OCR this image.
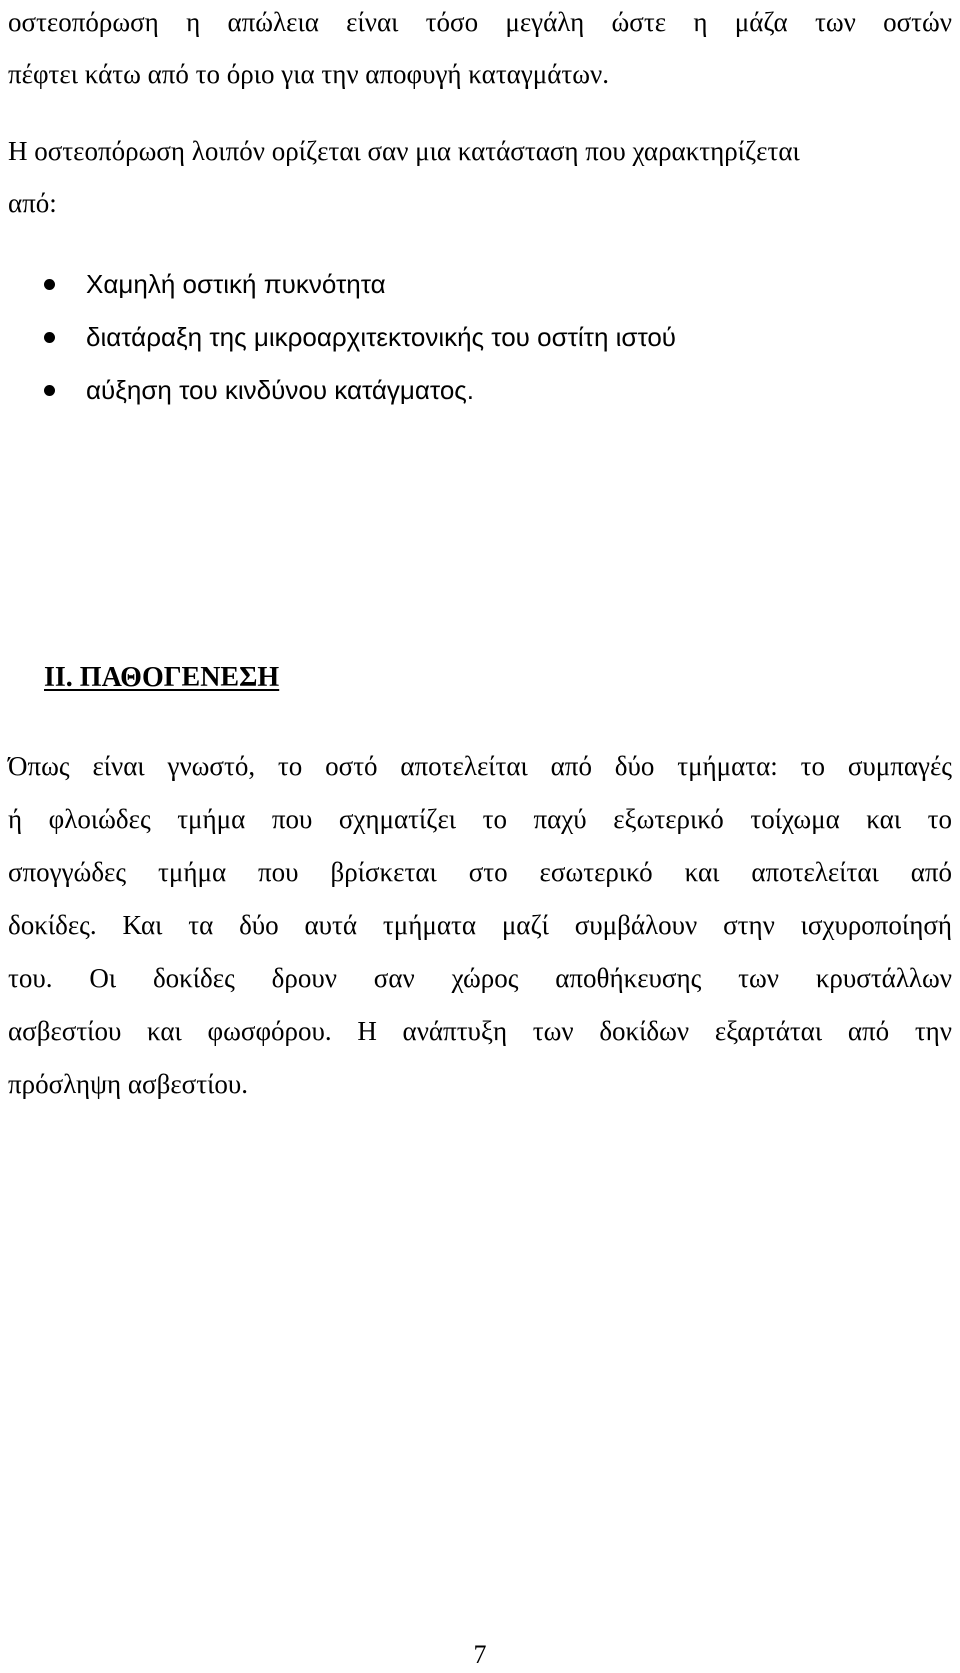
οστεοπόρωση η απώλεια είναι τόσο μεγάλη ώστε η μάζα των οστών
πέφτει κάτω από το όριο για την αποφυγή καταγμάτων.
Η οστεοπόρωση λοιπόν ορίζεται σαν μια κατάσταση που χαρακτηρίζεται
από:
Χαμηλή οστική πυκνότητα
διατάραξη της μικροαρχιτεκτονικής του οστίτη ιστού
αύξηση του κινδύνου κατάγματος.
ΙΙ. ΠΑΘΟΓΕΝΕΣΗ
Όπως είναι γνωστό, το οστό αποτελείται από δύο τμήματα: το συμπαγές
ή φλοιώδες τμήμα που σχηματίζει το παχύ εξωτερικό τοίχωμα και το
σπογγώδες τμήμα που βρίσκεται στο εσωτερικό και αποτελείται από
δοκίδες. Και τα δύο αυτά τμήματα μαζί συμβάλουν στην ισχυροποίησή
του. Οι δοκίδες δρουν σαν χώρος αποθήκευσης των κρυστάλλων
ασβεστίου και φωσφόρου. Η ανάπτυξη των δοκίδων εξαρτάται από την
πρόσληψη ασβεστίου.
7
